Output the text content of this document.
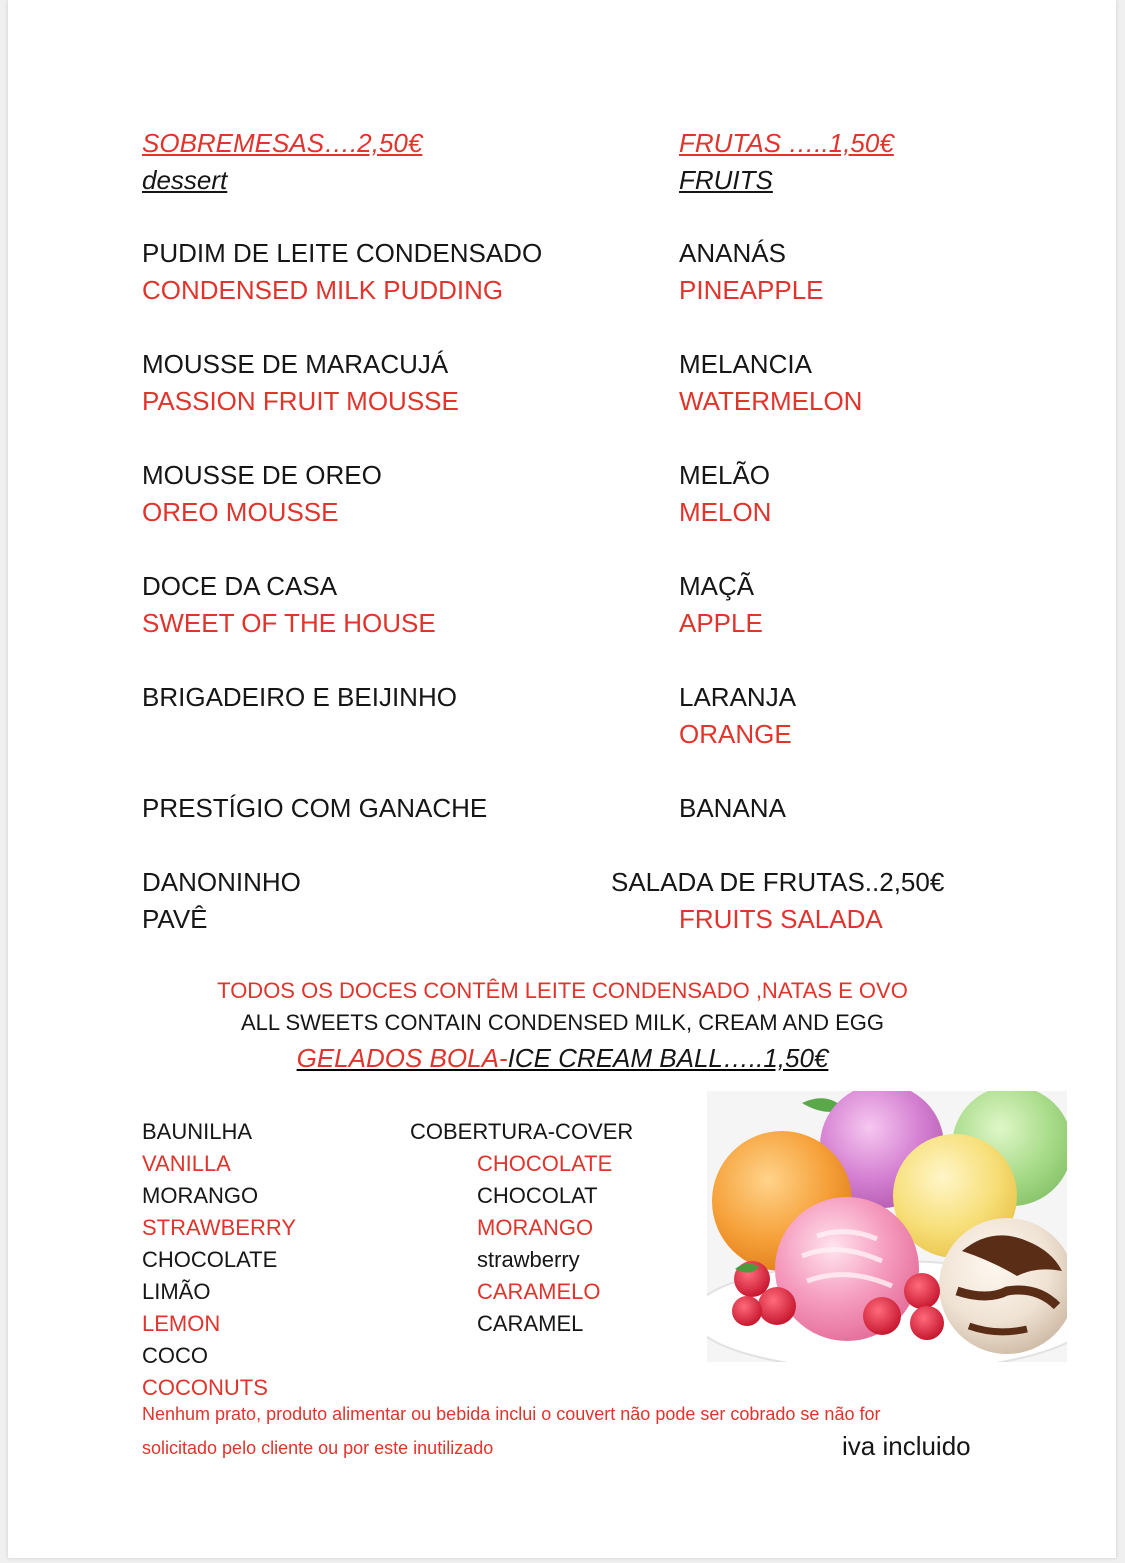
SOBREMESAS….2,50€
dessert
PUDIM DE LEITE CONDENSADO
CONDENSED MILK PUDDING
MOUSSE DE MARACUJÁ
PASSION FRUIT MOUSSE
MOUSSE DE OREO
OREO MOUSSE
DOCE DA CASA
SWEET OF THE HOUSE
BRIGADEIRO E BEIJINHO
PRESTÍGIO COM GANACHE
DANONINHO
PAVÊ
FRUTAS …..1,50€
FRUITS
ANANÁS
PINEAPPLE
MELANCIA
WATERMELON
MELÃO
MELON
MAÇÃ
APPLE
LARANJA
ORANGE
BANANA
SALADA DE FRUTAS..2,50€
FRUITS SALADA
TODOS OS DOCES CONTÊM LEITE CONDENSADO ,NATAS E OVO
ALL SWEETS CONTAIN CONDENSED MILK, CREAM AND EGG
GELADOS BOLA-ICE CREAM BALL…..1,50€
BAUNILHA
VANILLA
MORANGO
STRAWBERRY
CHOCOLATE
LIMÃO
LEMON
COCO
COCONUTS
COBERTURA-COVER
CHOCOLATE
CHOCOLAT
MORANGO
strawberry
CARAMELO
CARAMEL
Nenhum prato, produto alimentar ou bebida inclui o couvert não pode ser cobrado se não for
solicitado pelo cliente ou por este inutilizado	iva incluido
